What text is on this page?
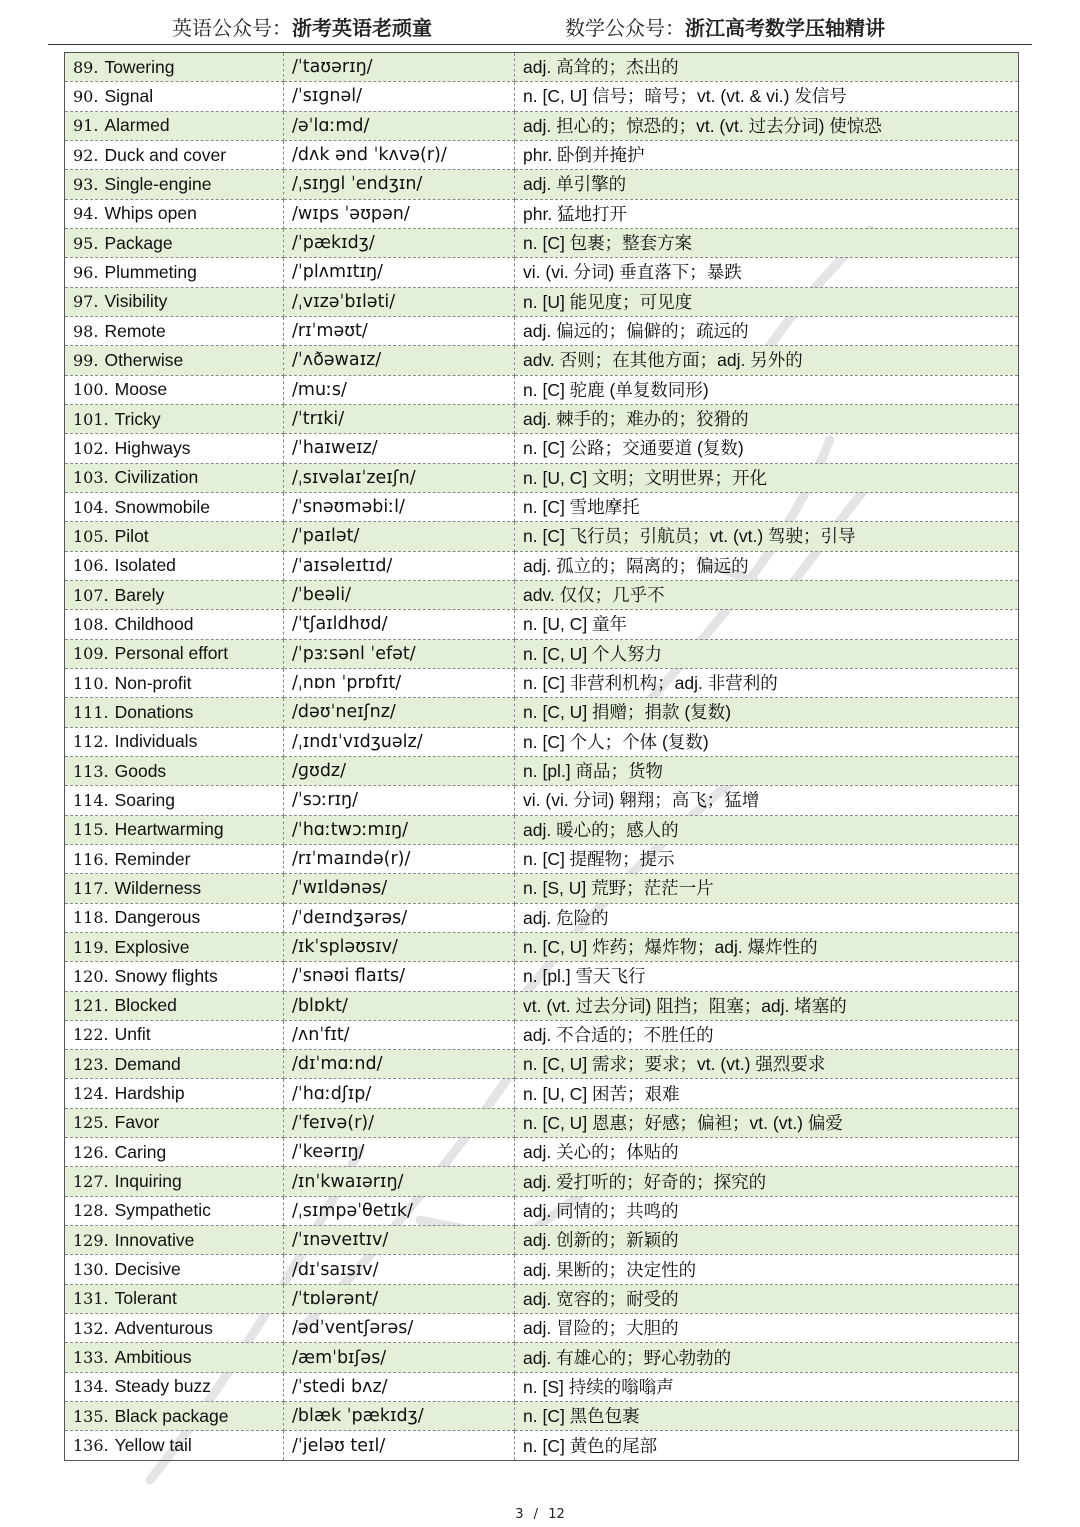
英语公众号：浙考英语老顽童	数学公众号：浙江高考数学压轴精讲
89. Towering	/ˈtaʊərɪŋ/	adj. 高耸的；杰出的
90. Signal	/ˈsɪɡnəl/	n. [C, U] 信号；暗号；vt. (vt. & vi.) 发信号
91. Alarmed	/əˈlɑːmd/	adj. 担心的；惊恐的；vt. (vt. 过去分词) 使惊恐
92. Duck and cover	/dʌk ənd ˈkʌvə(r)/	phr. 卧倒并掩护
93. Single-engine	/ˌsɪŋɡl ˈendʒɪn/	adj. 单引擎的
94. Whips open	/wɪps ˈəʊpən/	phr. 猛地打开
95. Package	/ˈpækɪdʒ/	n. [C] 包裹；整套方案
96. Plummeting	/ˈplʌmɪtɪŋ/	vi. (vi. 分词) 垂直落下；暴跌
97. Visibility	/ˌvɪzəˈbɪləti/	n. [U] 能见度；可见度
98. Remote	/rɪˈməʊt/	adj. 偏远的；偏僻的；疏远的
99. Otherwise	/ˈʌðəwaɪz/	adv. 否则；在其他方面；adj. 另外的
100. Moose	/muːs/	n. [C] 驼鹿 (单复数同形)
101. Tricky	/ˈtrɪki/	adj. 棘手的；难办的；狡猾的
102. Highways	/ˈhaɪweɪz/	n. [C] 公路；交通要道 (复数)
103. Civilization	/ˌsɪvəlaɪˈzeɪʃn/	n. [U, C] 文明；文明世界；开化
104. Snowmobile	/ˈsnəʊməbiːl/	n. [C] 雪地摩托
105. Pilot	/ˈpaɪlət/	n. [C] 飞行员；引航员；vt. (vt.) 驾驶；引导
106. Isolated	/ˈaɪsəleɪtɪd/	adj. 孤立的；隔离的；偏远的
107. Barely	/ˈbeəli/	adv. 仅仅；几乎不
108. Childhood	/ˈtʃaɪldhʊd/	n. [U, C] 童年
109. Personal effort	/ˈpɜːsənl ˈefət/	n. [C, U] 个人努力
110. Non-profit	/ˌnɒn ˈprɒfɪt/	n. [C] 非营利机构；adj. 非营利的
111. Donations	/dəʊˈneɪʃnz/	n. [C, U] 捐赠；捐款 (复数)
112. Individuals	/ˌɪndɪˈvɪdʒuəlz/	n. [C] 个人；个体 (复数)
113. Goods	/ɡʊdz/	n. [pl.] 商品；货物
114. Soaring	/ˈsɔːrɪŋ/	vi. (vi. 分词) 翱翔；高飞；猛增
115. Heartwarming	/ˈhɑːtwɔːmɪŋ/	adj. 暖心的；感人的
116. Reminder	/rɪˈmaɪndə(r)/	n. [C] 提醒物；提示
117. Wilderness	/ˈwɪldənəs/	n. [S, U] 荒野；茫茫一片
118. Dangerous	/ˈdeɪndʒərəs/	adj. 危险的
119. Explosive	/ɪkˈspləʊsɪv/	n. [C, U] 炸药；爆炸物；adj. 爆炸性的
120. Snowy flights	/ˈsnəʊi flaɪts/	n. [pl.] 雪天飞行
121. Blocked	/blɒkt/	vt. (vt. 过去分词) 阻挡；阻塞；adj. 堵塞的
122. Unfit	/ʌnˈfɪt/	adj. 不合适的；不胜任的
123. Demand	/dɪˈmɑːnd/	n. [C, U] 需求；要求；vt. (vt.) 强烈要求
124. Hardship	/ˈhɑːdʃɪp/	n. [U, C] 困苦；艰难
125. Favor	/ˈfeɪvə(r)/	n. [C, U] 恩惠；好感；偏袒；vt. (vt.) 偏爱
126. Caring	/ˈkeərɪŋ/	adj. 关心的；体贴的
127. Inquiring	/ɪnˈkwaɪərɪŋ/	adj. 爱打听的；好奇的；探究的
128. Sympathetic	/ˌsɪmpəˈθetɪk/	adj. 同情的；共鸣的
129. Innovative	/ˈɪnəveɪtɪv/	adj. 创新的；新颖的
130. Decisive	/dɪˈsaɪsɪv/	adj. 果断的；决定性的
131. Tolerant	/ˈtɒlərənt/	adj. 宽容的；耐受的
132. Adventurous	/ədˈventʃərəs/	adj. 冒险的；大胆的
133. Ambitious	/æmˈbɪʃəs/	adj. 有雄心的；野心勃勃的
134. Steady buzz	/ˈstedi bʌz/	n. [S] 持续的嗡嗡声
135. Black package	/blæk ˈpækɪdʒ/	n. [C] 黑色包裹
136. Yellow tail	/ˈjeləʊ teɪl/	n. [C] 黄色的尾部
3 / 12
